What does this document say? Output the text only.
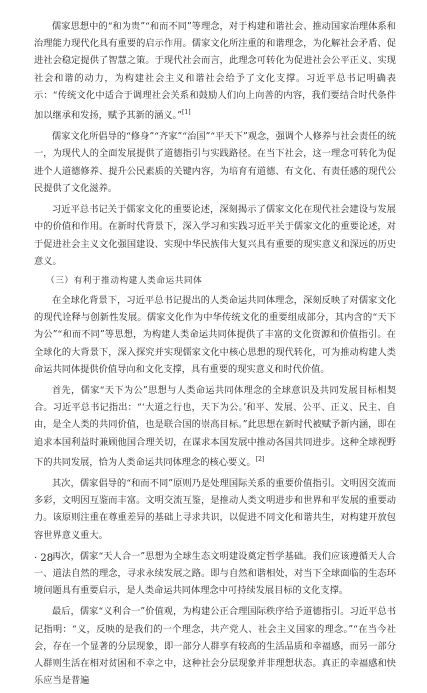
儒家思想中的“和为贵”“和而不同”等理念，对于构建和谐社会、推动国家治理体系和治理能力现代化具有重要的启示作用。儒家文化所注重的和谐理念，为化解社会矛盾、促进社会稳定提供了智慧之策。于现代社会而言，此理念可转化为促进社会公平正义、实现社会和谐的动力，为构建社会主义和谐社会给予了文化支撑。习近平总书记明确表示：“传统文化中适合于调理社会关系和鼓励人们向上向善的内容，我们要结合时代条件加以继承和发扬，赋予其新的涵义。”[1]

儒家文化所倡导的“修身”“齐家”“治国”“平天下”观念，强调个人修养与社会责任的统一，为现代人的全面发展提供了道德指引与实践路径。在当下社会，这一理念可转化为促进个人道德修养、提升公民素质的关键内容，为培育有道德、有文化、有责任感的现代公民提供了文化滋养。

习近平总书记关于儒家文化的重要论述，深刻揭示了儒家文化在现代社会建设与发展中的价值和作用。在新时代背景下，深入学习和实践习近平关于儒家文化的重要论述，对于促进社会主义文化强国建设、实现中华民族伟大复兴具有重要的现实意义和深远的历史意义。

（三）有利于推动构建人类命运共同体

在全球化背景下，习近平总书记提出的人类命运共同体理念，深刻反映了对儒家文化的现代诠释与创新性发展。儒家文化作为中华传统文化的重要组成部分，其内含的“天下为公”“和而不同”等思想，为构建人类命运共同体提供了丰富的文化资源和价值指引。在全球化的大背景下，深入探究并实现儒家文化中核心思想的现代转化，可为推动构建人类命运共同体提供价值导向和文化支撑，具有重要的现实意义和时代价值。

首先，儒家“天下为公”思想与人类命运共同体理念的全球意识及共同发展目标相契合。习近平总书记指出：“‘大道之行也，天下为公。’和平、发展、公平、正义、民主、自由，是全人类的共同价值，也是联合国的崇高目标。”此思想在新时代被赋予新内涵，即在追求本国利益时兼顾他国合理关切，在谋求本国发展中推动各国共同进步。这种全球视野下的共同发展，恰为人类命运共同体理念的核心要义。[2]

其次，儒家倡导的“和而不同”原则乃是处理国际关系的重要价值指引。文明因交流而多彩，文明因互鉴而丰富。文明交流互鉴，是推动人类文明进步和世界和平发展的重要动力。该原则注重在尊重差异的基础上寻求共识，以促进不同文化和谐共生，对构建开放包容世界意义重大。

再次，儒家“天人合一”思想为全球生态文明建设奠定哲学基础。我们应该遵循天人合一、道法自然的理念，寻求永续发展之路。即与自然和谐相处，对当下全球面临的生态环境问题具有重要启示，是人类命运共同体理念中可持续发展目标的文化支撑。

最后，儒家“义利合一”价值观，为构建公正合理国际秩序给予道德指引。习近平总书记指明：“义，反映的是我们的一个理念，共产党人、社会主义国家的理念。”“在当今社会，存在一个显著的分层现象，即一部分人群享有较高的生活品质和幸福感，而另一部分人群则生活在相对贫困和不幸之中，这种社会分层现象并非理想状态。真正的幸福感和快乐应当是普遍

· 28 ·
